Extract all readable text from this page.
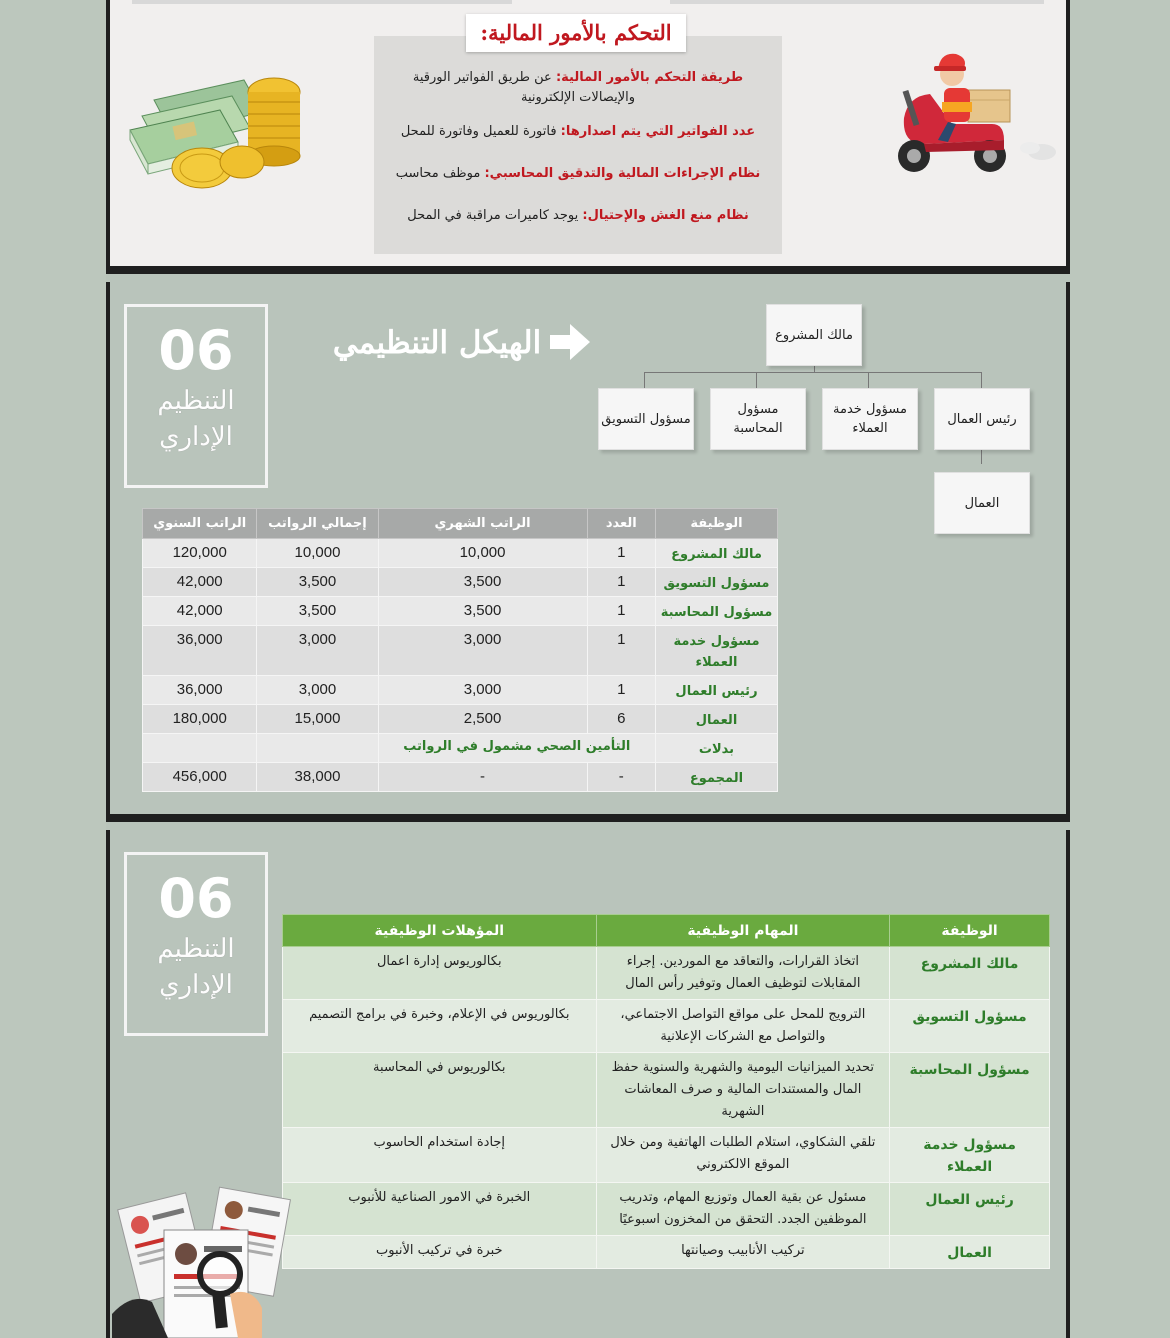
طريقة التحكم بالأمور المالية: عن طريق الفواتير الورقية والإيصالات الإلكترونية
عدد الفواتير التي يتم اصدارها: فاتورة للعميل وفاتورة للمحل
نظام الإجراءات المالية والتدقيق المحاسبي: موظف محاسب
نظام منع الغش والإحتيال: يوجد كاميرات مراقبة في المحل
التحكم بالأمور المالية:
06
التنظيم
الإداري
الهيكل التنظيمي	مالك المشروع
رئيس العمال
مسؤول خدمة العملاء
مسؤول المحاسبة
مسؤول التسويق
العمال
الوظيفة	العدد	الراتب الشهري	إجمالي الرواتب	الراتب السنوي
مالك المشروع	1	10,000	10,000	120,000
مسؤول التسويق	1	3,500	3,500	42,000
مسؤول المحاسبة	1	3,500	3,500	42,000
مسؤول خدمة العملاء	1	3,000	3,000	36,000
رئيس العمال	1	3,000	3,000	36,000
العمال	6	2,500	15,000	180,000
بدلات	التأمين الصحي مشمول في الرواتب			
المجموع	-	-	38,000	456,000
06
التنظيم
الإداري
الوظيفة	المهام الوظيفية	المؤهلات الوظيفية
مالك المشروع	اتخاذ القرارات، والتعاقد مع الموردين. إجراء المقابلات لتوظيف العمال وتوفير رأس المال	بكالوريوس إدارة اعمال
مسؤول التسويق	الترويج للمحل على مواقع التواصل الاجتماعي، والتواصل مع الشركات الإعلانية	بكالوريوس في الإعلام، وخبرة في برامج التصميم
مسؤول المحاسبة	تحديد الميزانيات اليومية والشهرية والسنوية حفظ المال والمستندات المالية و صرف المعاشات الشهرية	بكالوريوس في المحاسبة
مسؤول خدمة العملاء	تلقي الشكاوي، استلام الطلبات الهاتفية ومن خلال الموقع الالكتروني	إجادة استخدام الحاسوب
رئيس العمال	مسئول عن بقية العمال وتوزيع المهام، وتدريب الموظفين الجدد. التحقق من المخزون اسبوعيًا	الخبرة في الامور الصناعية للأنبوب
العمال	تركيب الأنابيب وصيانتها	خبرة في تركيب الأنبوب
